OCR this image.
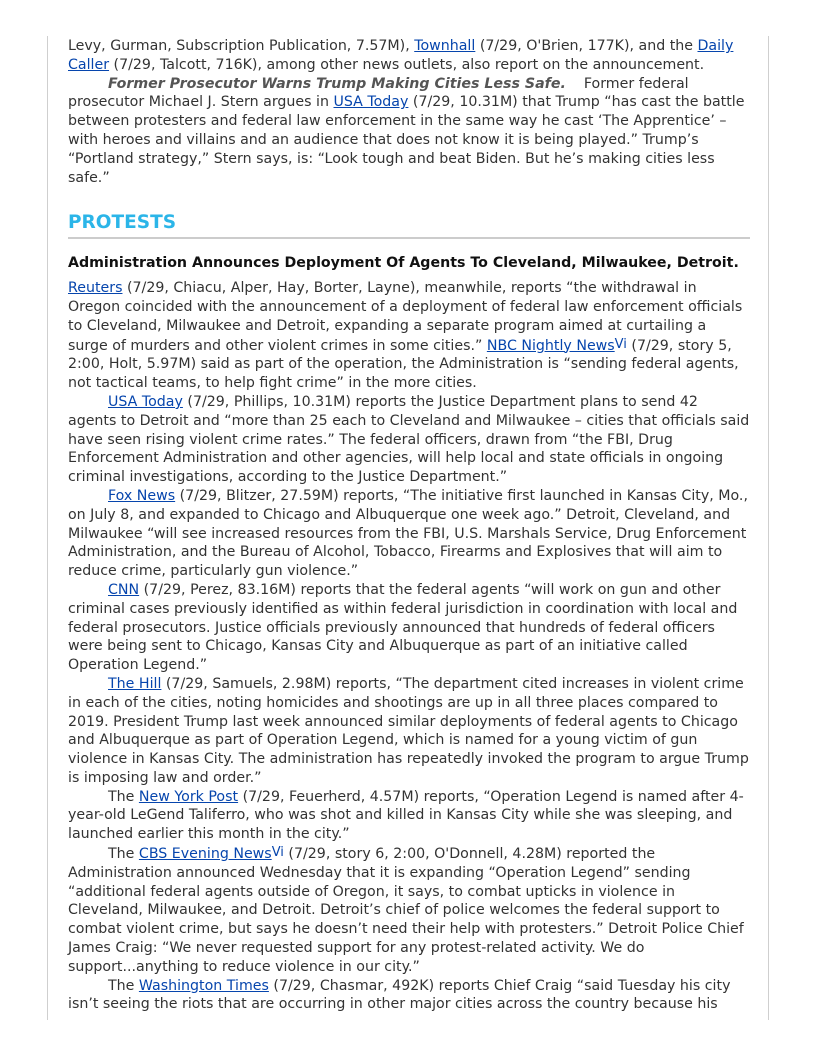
Levy, Gurman, Subscription Publication, 7.57M), Townhall (7/29, O'Brien, 177K), and the Daily Caller (7/29, Talcott, 716K), among other news outlets, also report on the announcement.

Former Prosecutor Warns Trump Making Cities Less Safe. Former federal prosecutor Michael J. Stern argues in USA Today (7/29, 10.31M) that Trump “has cast the battle between protesters and federal law enforcement in the same way he cast ‘The Apprentice’ – with heroes and villains and an audience that does not know it is being played.” Trump’s “Portland strategy,” Stern says, is: “Look tough and beat Biden. But he’s making cities less safe.”

PROTESTS
Administration Announces Deployment Of Agents To Cleveland, Milwaukee, Detroit.

Reuters (7/29, Chiacu, Alper, Hay, Borter, Layne), meanwhile, reports “the withdrawal in Oregon coincided with the announcement of a deployment of federal law enforcement officials to Cleveland, Milwaukee and Detroit, expanding a separate program aimed at curtailing a surge of murders and other violent crimes in some cities.” NBC Nightly NewsVi (7/29, story 5, 2:00, Holt, 5.97M) said as part of the operation, the Administration is “sending federal agents, not tactical teams, to help fight crime” in the more cities.

USA Today (7/29, Phillips, 10.31M) reports the Justice Department plans to send 42 agents to Detroit and “more than 25 each to Cleveland and Milwaukee – cities that officials said have seen rising violent crime rates.” The federal officers, drawn from “the FBI, Drug Enforcement Administration and other agencies, will help local and state officials in ongoing criminal investigations, according to the Justice Department.”

Fox News (7/29, Blitzer, 27.59M) reports, “The initiative first launched in Kansas City, Mo., on July 8, and expanded to Chicago and Albuquerque one week ago.” Detroit, Cleveland, and Milwaukee “will see increased resources from the FBI, U.S. Marshals Service, Drug Enforcement Administration, and the Bureau of Alcohol, Tobacco, Firearms and Explosives that will aim to reduce crime, particularly gun violence.”

CNN (7/29, Perez, 83.16M) reports that the federal agents “will work on gun and other criminal cases previously identified as within federal jurisdiction in coordination with local and federal prosecutors. Justice officials previously announced that hundreds of federal officers were being sent to Chicago, Kansas City and Albuquerque as part of an initiative called Operation Legend.”

The Hill (7/29, Samuels, 2.98M) reports, “The department cited increases in violent crime in each of the cities, noting homicides and shootings are up in all three places compared to 2019. President Trump last week announced similar deployments of federal agents to Chicago and Albuquerque as part of Operation Legend, which is named for a young victim of gun violence in Kansas City. The administration has repeatedly invoked the program to argue Trump is imposing law and order.”

The New York Post (7/29, Feuerherd, 4.57M) reports, “Operation Legend is named after 4-year-old LeGend Taliferro, who was shot and killed in Kansas City while she was sleeping, and launched earlier this month in the city.”

The CBS Evening NewsVi (7/29, story 6, 2:00, O'Donnell, 4.28M) reported the Administration announced Wednesday that it is expanding “Operation Legend” sending “additional federal agents outside of Oregon, it says, to combat upticks in violence in Cleveland, Milwaukee, and Detroit. Detroit’s chief of police welcomes the federal support to combat violent crime, but says he doesn’t need their help with protesters.” Detroit Police Chief James Craig: “We never requested support for any protest-related activity. We do support...anything to reduce violence in our city.”

The Washington Times (7/29, Chasmar, 492K) reports Chief Craig “said Tuesday his city isn’t seeing the riots that are occurring in other major cities across the country because his
